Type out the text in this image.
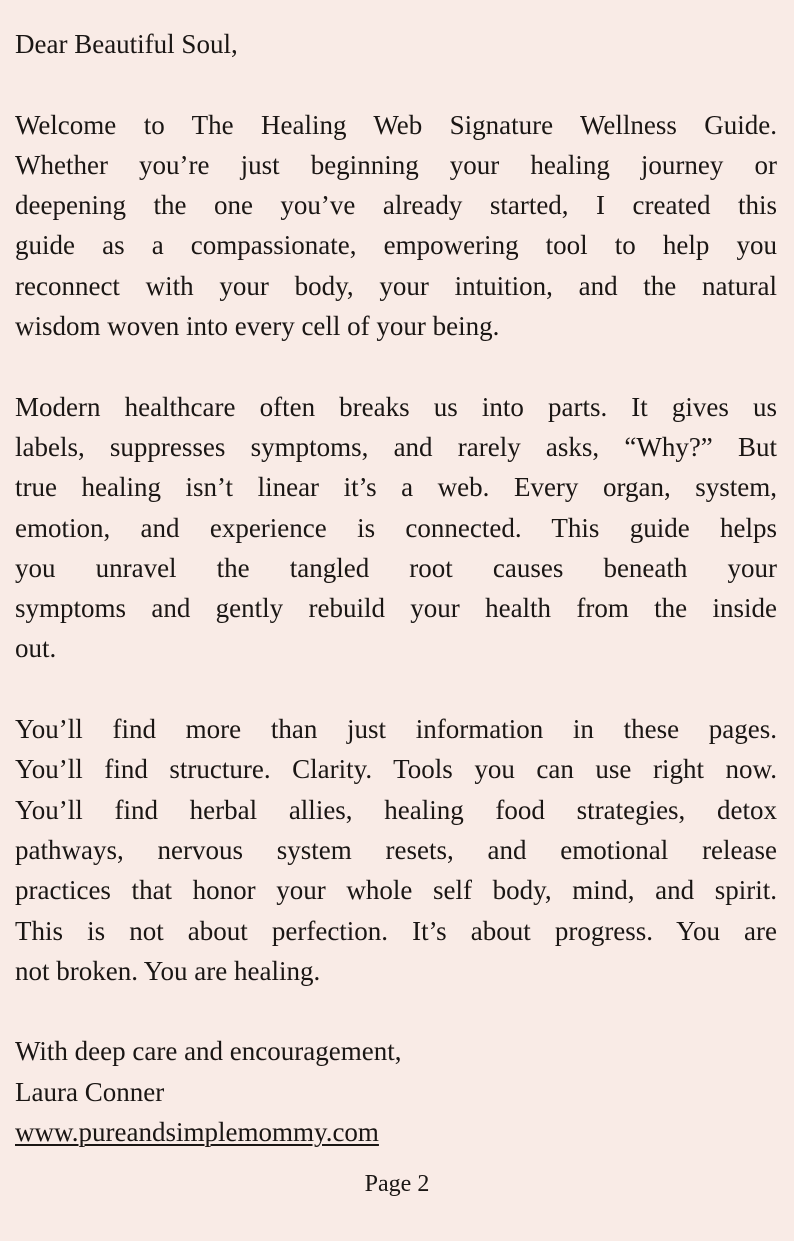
Dear Beautiful Soul,

Welcome to The Healing Web Signature Wellness Guide.
Whether you’re just beginning your healing journey or
deepening the one you’ve already started, I created this
guide as a compassionate, empowering tool to help you
reconnect with your body, your intuition, and the natural
wisdom woven into every cell of your being.
Modern healthcare often breaks us into parts. It gives us
labels, suppresses symptoms, and rarely asks, “Why?” But
true healing isn’t linear it’s a web. Every organ, system,
emotion, and experience is connected. This guide helps
you unravel the tangled root causes beneath your
symptoms and gently rebuild your health from the inside
out.
You’ll find more than just information in these pages.
You’ll find structure. Clarity. Tools you can use right now.
You’ll find herbal allies, healing food strategies, detox
pathways, nervous system resets, and emotional release
practices that honor your whole self body, mind, and spirit.
This is not about perfection. It’s about progress. You are
not broken. You are healing.
With deep care and encouragement,
Laura Conner
www.pureandsimplemommy.com
Page 2
